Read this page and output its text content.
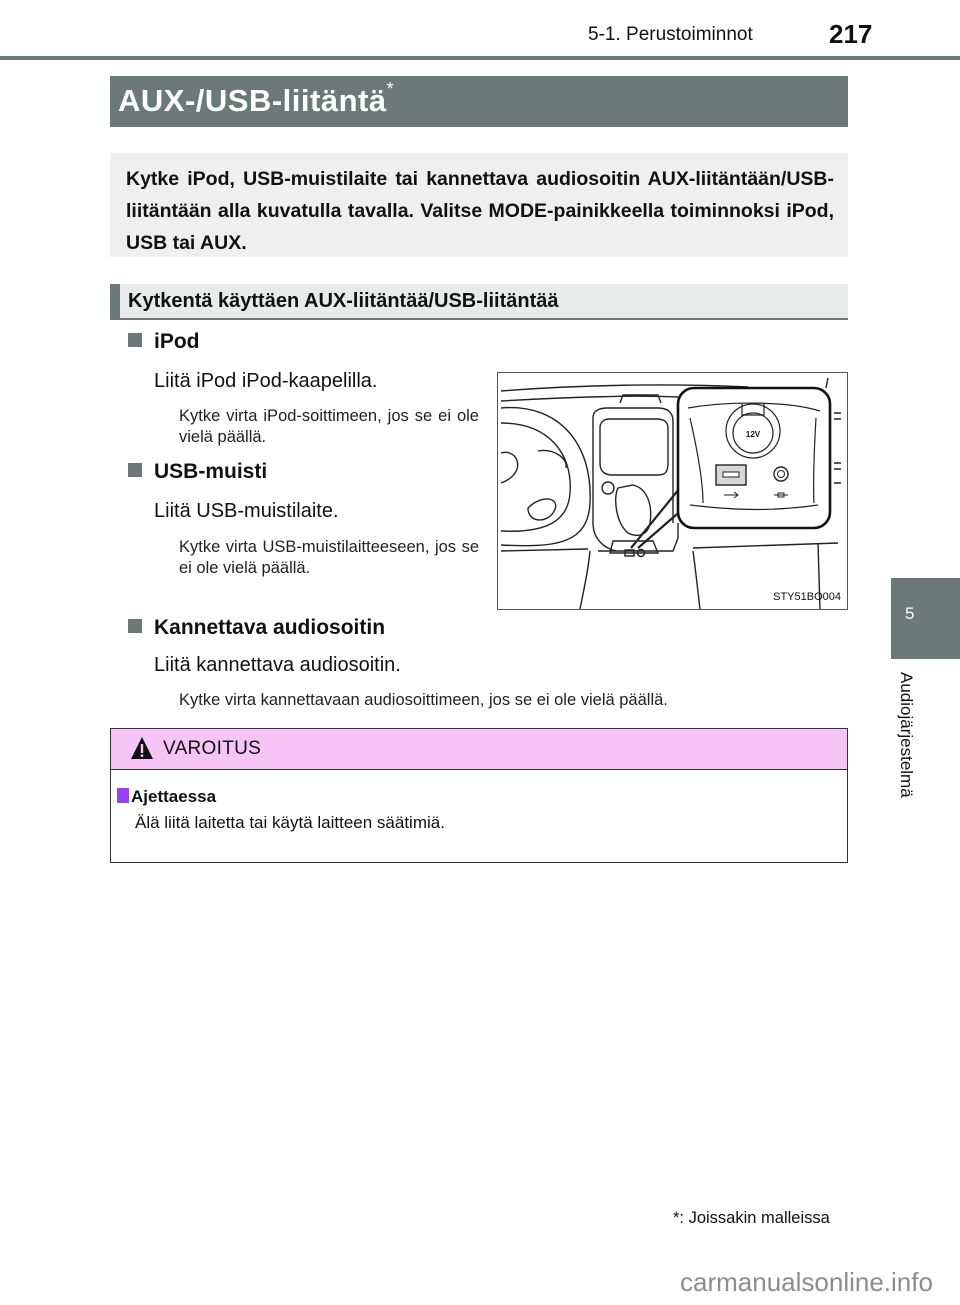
5-1. Perustoiminnot	217
AUX-/USB-liitäntä*

Kytke iPod, USB-muistilaite tai kannettava audiosoitin AUX-liitäntään/USB-liitäntään alla kuvatulla tavalla. Valitse MODE-painikkeella toiminnoksi iPod, USB tai AUX.

Kytkentä käyttäen AUX-liitäntää/USB-liitäntää
iPod
Liitä iPod iPod-kaapelilla.
Kytke virta iPod-soittimeen, jos se ei ole vielä päällä.
USB-muisti
Liitä USB-muistilaite.
Kytke virta USB-muistilaitteeseen, jos se ei ole vielä päällä.
Kannettava audiosoitin
Liitä kannettava audiosoitin.
Kytke virta kannettavaan audiosoittimeen, jos se ei ole vielä päällä.
12V
STY51BO004
VAROITUS
Ajettaessa
Älä liitä laitetta tai käytä laitteen säätimiä.
5
Audiojärjestelmä
*: Joissakin malleissa
carmanualsonline.info
